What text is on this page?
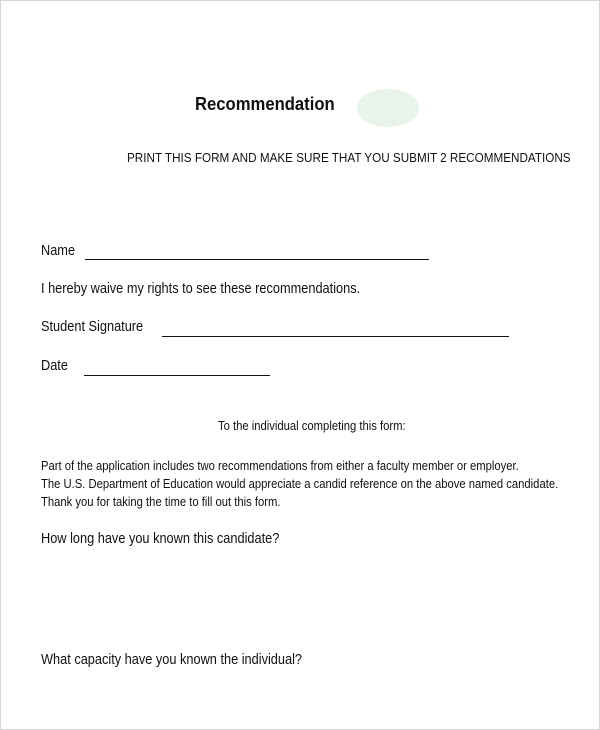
Recommendation
PRINT THIS FORM AND MAKE SURE THAT YOU SUBMIT 2 RECOMMENDATIONS
Name
I hereby waive my rights to see these recommendations.
Student Signature
Date
To the individual completing this form:
Part of the application includes two recommendations from either a faculty member or employer.
The U.S. Department of Education would appreciate a candid reference on the above named candidate.
Thank you for taking the time to fill out this form.
How long have you known this candidate?
What capacity have you known the individual?
